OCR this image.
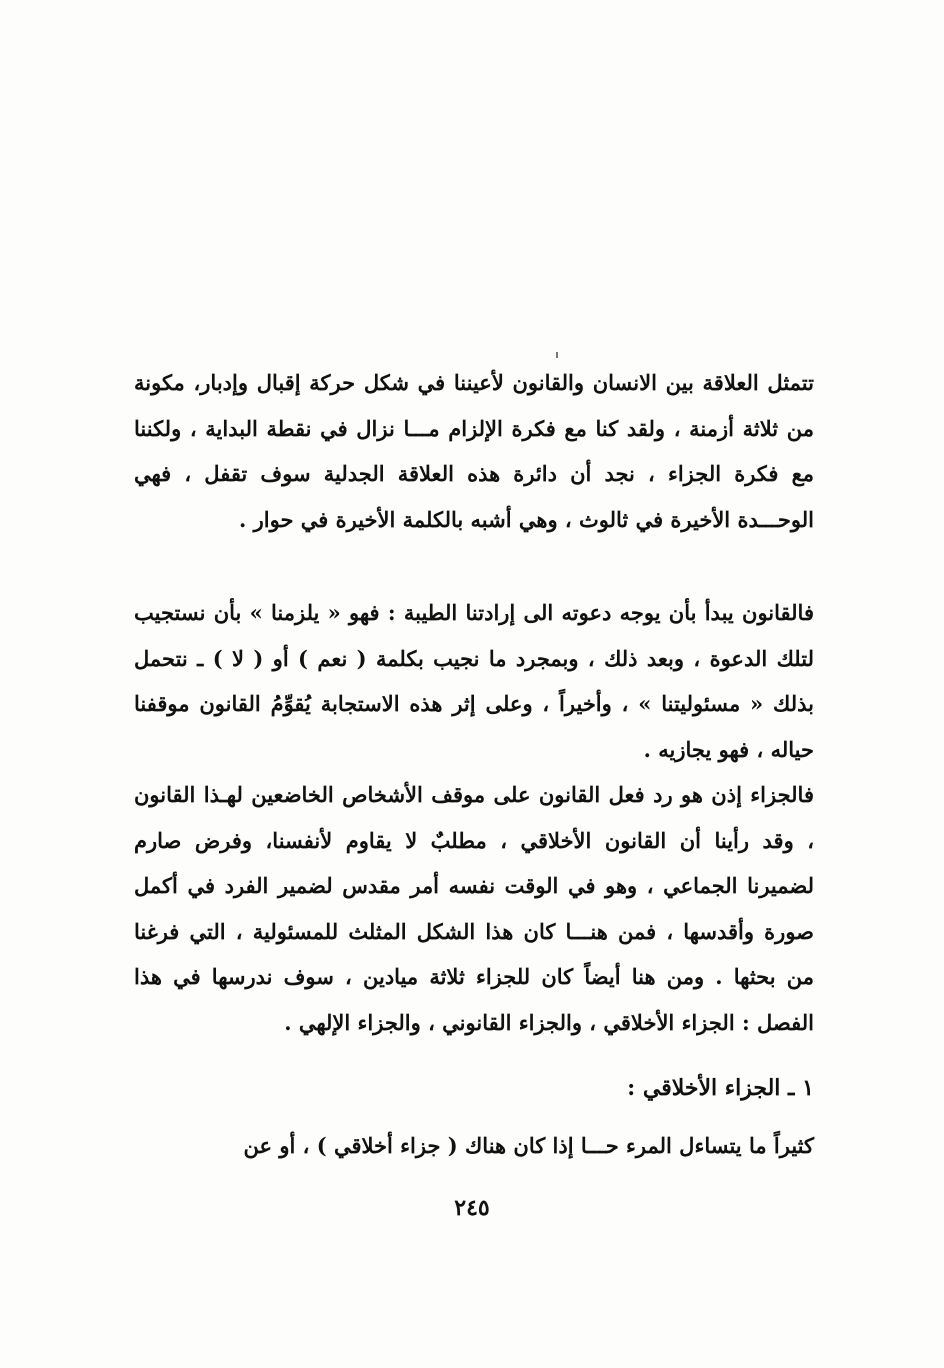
تتمثل العلاقة بين الانسان والقانون لأعيننا في شكل حركة إقبال وإدبار، مكونة من ثلاثة أزمنة ، ولقد كنا مع فكرة الإلزام مـــا نزال في نقطة البداية ، ولكننا مع فكرة الجزاء ، نجد أن دائرة هذه العلاقة الجدلية سوف تقفل ، فهي الوحـــدة الأخيرة في ثالوث ، وهي أشبه بالكلمة الأخيرة في حوار .

فالقانون يبدأ بأن يوجه دعوته الى إرادتنا الطيبة : فهو « يلزمنا » بأن نستجيب لتلك الدعوة ، وبعد ذلك ، وبمجرد ما نجيب بكلمة ( نعم ) أو ( لا ) ـ نتحمل بذلك « مسئوليتنا » ، وأخيراً ، وعلى إثر هذه الاستجابة يُقوِّمُ القانون موقفنا حياله ، فهو يجازيه .

فالجزاء إذن هو رد فعل القانون على موقف الأشخاص الخاضعين لهـذا القانون ، وقد رأينا أن القانون الأخلاقي ، مطلبٌ لا يقاوم لأنفسنا، وفرض صارم لضميرنا الجماعي ، وهو في الوقت نفسه أمر مقدس لضمير الفرد في أكمل صورة وأقدسها ، فمن هنـــا كان هذا الشكل المثلث للمسئولية ، التي فرغنا من بحثها . ومن هنا أيضاً كان للجزاء ثلاثة ميادين ، سوف ندرسها في هذا الفصل : الجزاء الأخلاقي ، والجزاء القانوني ، والجزاء الإلهي .

١ ـ الجزاء الأخلاقي :

كثيراً ما يتساءل المرء حـــا إذا كان هناك ( جزاء أخلاقي ) ، أو عن

٢٤٥
